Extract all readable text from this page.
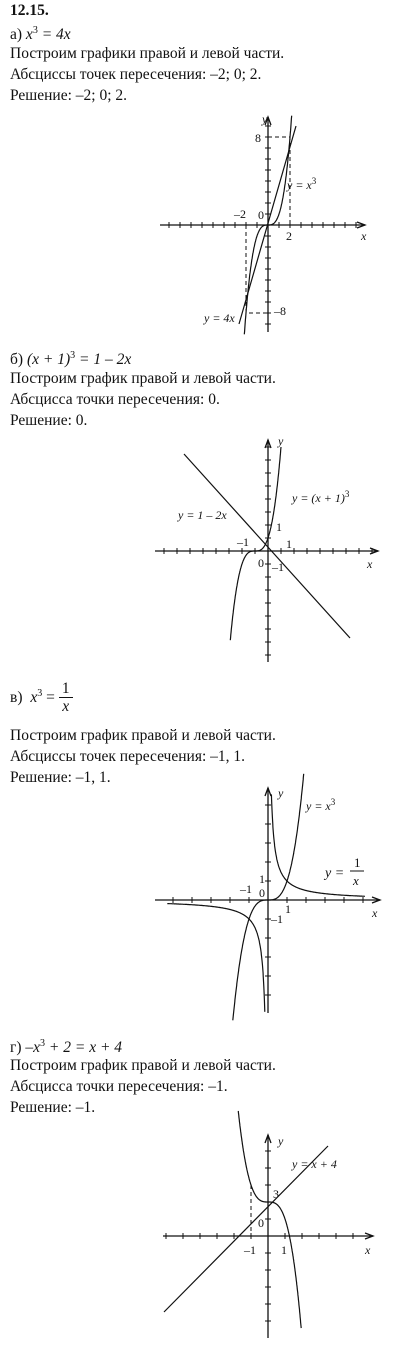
12.15.
а) $x^3 = 4x$
Построим графики правой и левой части.
Абсциссы точек пересечения: –2; 0; 2.
Решение: –2; 0; 2.
y
x
8
–8
–2
2
0
$y = x^3$
y = 4x
б) $(x + 1)^3 = 1 - 2x$
Построим график правой и левой части.
Абсцисса точки пересечения: 0.
Решение: 0.
y
x
y = 1 – 2x
$y = (x + 1)^3$
–1
1
1
0 –1
в) $x^3 = \frac{1}{x}$
Построим график правой и левой части.
Абсциссы точек пересечения: –1, 1.
Решение: –1, 1.
y
x
$y = x^3$
y =
1
x
–1
1
0
1
–1
г) $-x^3 + 2 = x + 4$
Построим график правой и левой части.
Абсцисса точки пересечения: –1.
Решение: –1.
y
x
y = x + 4
3
0
–1 1
